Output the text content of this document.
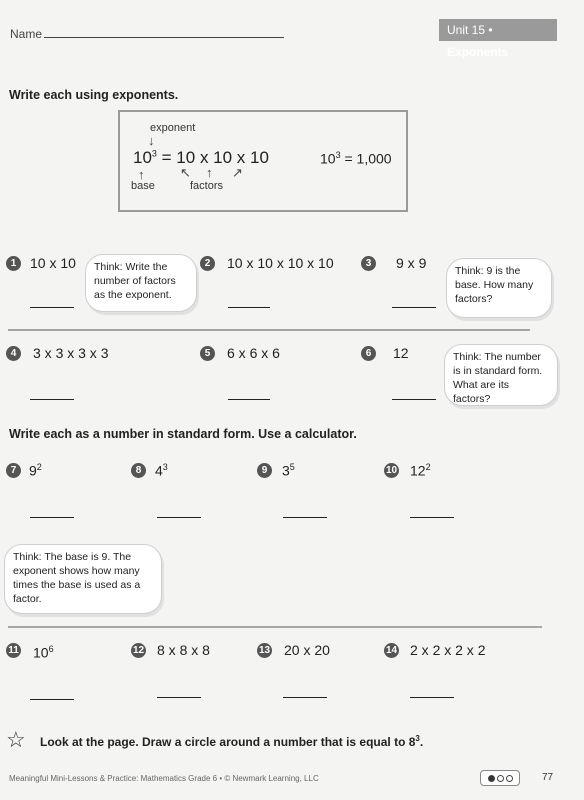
Name	Unit 15 • Exponents
Write each using exponents.
exponent
↓
$10^3 = 10$ x 10 x 10
↑	↖ ↑ ↗
base	factors
$10^3 = 1,000$
1 10 x 10	Think: Write the number of factors as the exponent.
2	10 x 10 x 10 x 10	3	9 x 9	Think: 9 is the base. How many factors?
4	3 x 3 x 3 x 3	5	6 x 6 x 6	6	12	Think: The number is in standard form. What are its factors?
Write each as a number in standard form. Use a calculator.
7 $9^2$	8 $4^3$	9	$3^5$	10 $12^2$
Think: The base is 9. The exponent shows how many times the base is used as a factor.
11 $10^6$	12 8 x 8 x 8	13 20 x 20	14 2 x 2 x 2 x 2
☆ Look at the page. Draw a circle around a number that is equal to $8^3$.
Meaningful Mini-Lessons & Practice: Mathematics Grade 6 • © Newmark Learning, LLC	77
